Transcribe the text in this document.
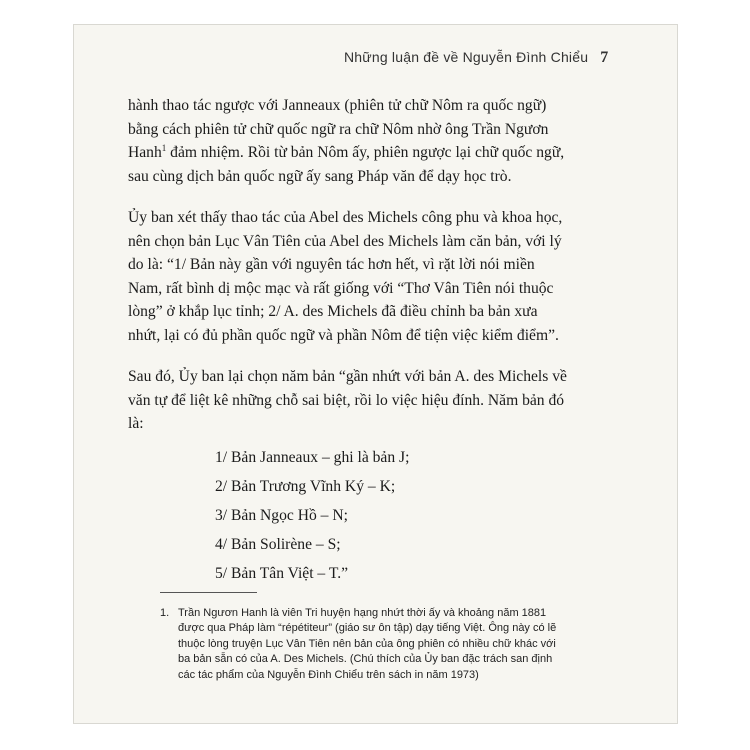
Những luận đề về Nguyễn Đình Chiểu 7

hành thao tác ngược với Janneaux (phiên tử chữ Nôm ra quốc ngữ) bằng cách phiên tử chữ quốc ngữ ra chữ Nôm nhờ ông Trần Ngươn Hanh$^1$ đảm nhiệm. Rồi từ bản Nôm ấy, phiên ngược lại chữ quốc ngữ, sau cùng dịch bản quốc ngữ ấy sang Pháp văn để dạy học trò.

Ủy ban xét thấy thao tác của Abel des Michels công phu và khoa học, nên chọn bản Lục Vân Tiên của Abel des Michels làm căn bản, với lý do là: “1/ Bản này gần với nguyên tác hơn hết, vì rặt lời nói miền Nam, rất bình dị mộc mạc và rất giống với “Thơ Vân Tiên nói thuộc lòng” ở khắp lục tỉnh; 2/ A. des Michels đã điều chỉnh ba bản xưa nhứt, lại có đủ phần quốc ngữ và phần Nôm để tiện việc kiểm điểm”.

Sau đó, Ủy ban lại chọn năm bản “gần nhứt với bản A. des Michels về văn tự để liệt kê những chỗ sai biệt, rồi lo việc hiệu đính. Năm bản đó là:

1/ Bản Janneaux – ghi là bản J;
2/ Bản Trương Vĩnh Ký – K;
3/ Bản Ngọc Hồ – N;
4/ Bản Solirène – S;
5/ Bản Tân Việt – T.”
1. Trần Ngươn Hanh là viên Tri huyện hạng nhứt thời ấy và khoảng năm 1881 được qua Pháp làm “répétiteur” (giáo sư ôn tập) dạy tiếng Việt. Ông này có lẽ thuộc lòng truyện Lục Vân Tiên nên bản của ông phiên có nhiều chữ khác với ba bản sẵn có của A. Des Michels. (Chú thích của Ủy ban đặc trách san định các tác phẩm của Nguyễn Đình Chiểu trên sách in năm 1973)
